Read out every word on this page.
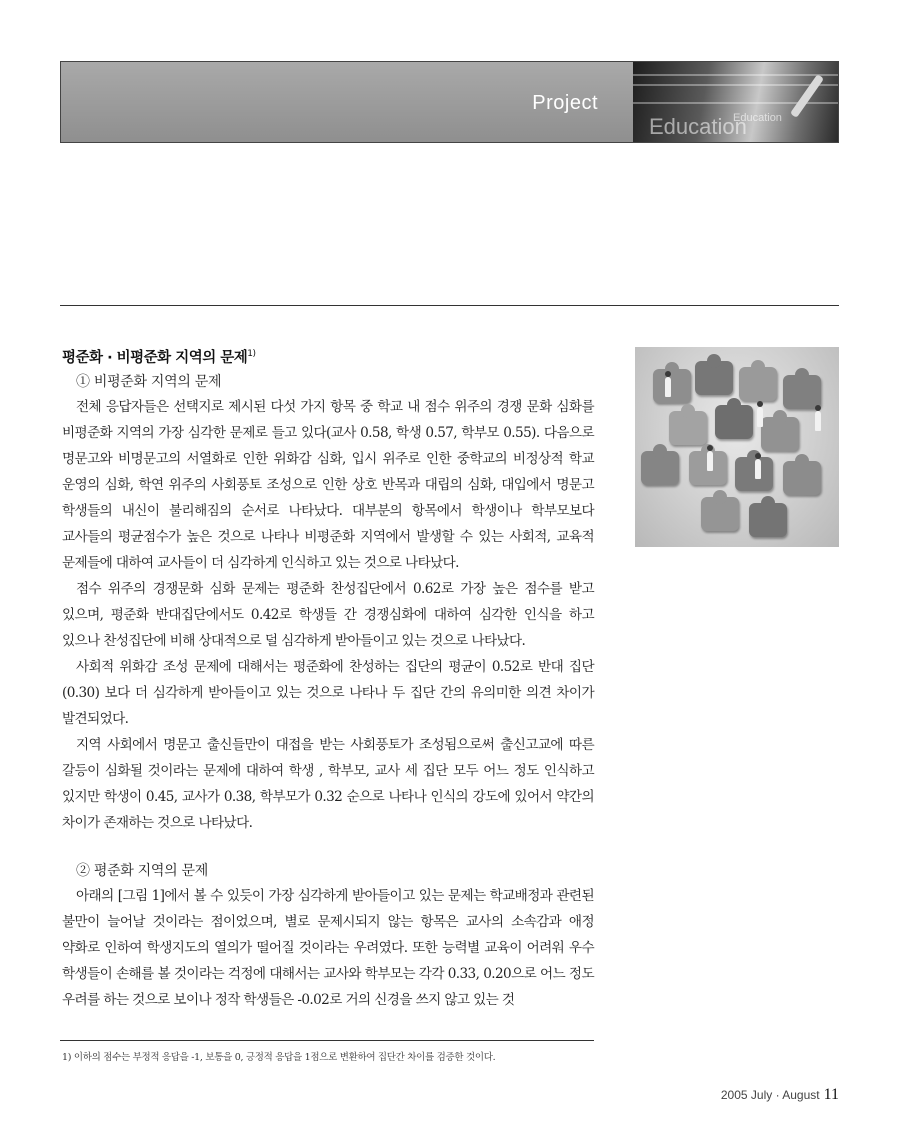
Project
Education
Education
평준화 · 비평준화 지역의 문제$^{1)}$
① 비평준화 지역의 문제

전체 응답자들은 선택지로 제시된 다섯 가지 항목 중 학교 내 점수 위주의 경쟁 문화 심화를 비평준화 지역의 가장 심각한 문제로 들고 있다(교사 0.58, 학생 0.57, 학부모 0.55). 다음으로 명문고와 비명문고의 서열화로 인한 위화감 심화, 입시 위주로 인한 중학교의 비정상적 학교 운영의 심화, 학연 위주의 사회풍토 조성으로 인한 상호 반목과 대립의 심화, 대입에서 명문고 학생들의 내신이 불리해짐의 순서로 나타났다. 대부분의 항목에서 학생이나 학부모보다 교사들의 평균점수가 높은 것으로 나타나 비평준화 지역에서 발생할 수 있는 사회적, 교육적 문제들에 대하여 교사들이 더 심각하게 인식하고 있는 것으로 나타났다.

점수 위주의 경쟁문화 심화 문제는 평준화 찬성집단에서 0.62로 가장 높은 점수를 받고 있으며, 평준화 반대집단에서도 0.42로 학생들 간 경쟁심화에 대하여 심각한 인식을 하고 있으나 찬성집단에 비해 상대적으로 덜 심각하게 받아들이고 있는 것으로 나타났다.

사회적 위화감 조성 문제에 대해서는 평준화에 찬성하는 집단의 평균이 0.52로 반대 집단(0.30) 보다 더 심각하게 받아들이고 있는 것으로 나타나 두 집단 간의 유의미한 의견 차이가 발견되었다.

지역 사회에서 명문고 출신들만이 대접을 받는 사회풍토가 조성됨으로써 출신고교에 따른 갈등이 심화될 것이라는 문제에 대하여 학생 , 학부모, 교사 세 집단 모두 어느 정도 인식하고 있지만 학생이 0.45, 교사가 0.38, 학부모가 0.32 순으로 나타나 인식의 강도에 있어서 약간의 차이가 존재하는 것으로 나타났다.

② 평준화 지역의 문제

아래의 [그림 1]에서 볼 수 있듯이 가장 심각하게 받아들이고 있는 문제는 학교배정과 관련된 불만이 늘어날 것이라는 점이었으며, 별로 문제시되지 않는 항목은 교사의 소속감과 애정 약화로 인하여 학생지도의 열의가 떨어질 것이라는 우려였다. 또한 능력별 교육이 어려워 우수 학생들이 손해를 볼 것이라는 걱정에 대해서는 교사와 학부모는 각각 0.33, 0.20으로 어느 정도 우려를 하는 것으로 보이나 정작 학생들은 -0.02로 거의 신경을 쓰지 않고 있는 것

1) 이하의 점수는 부정적 응답을 -1, 보통을 0, 긍정적 응답을 1점으로 변환하여 집단간 차이를 검증한 것이다.
2005 July · August 11
